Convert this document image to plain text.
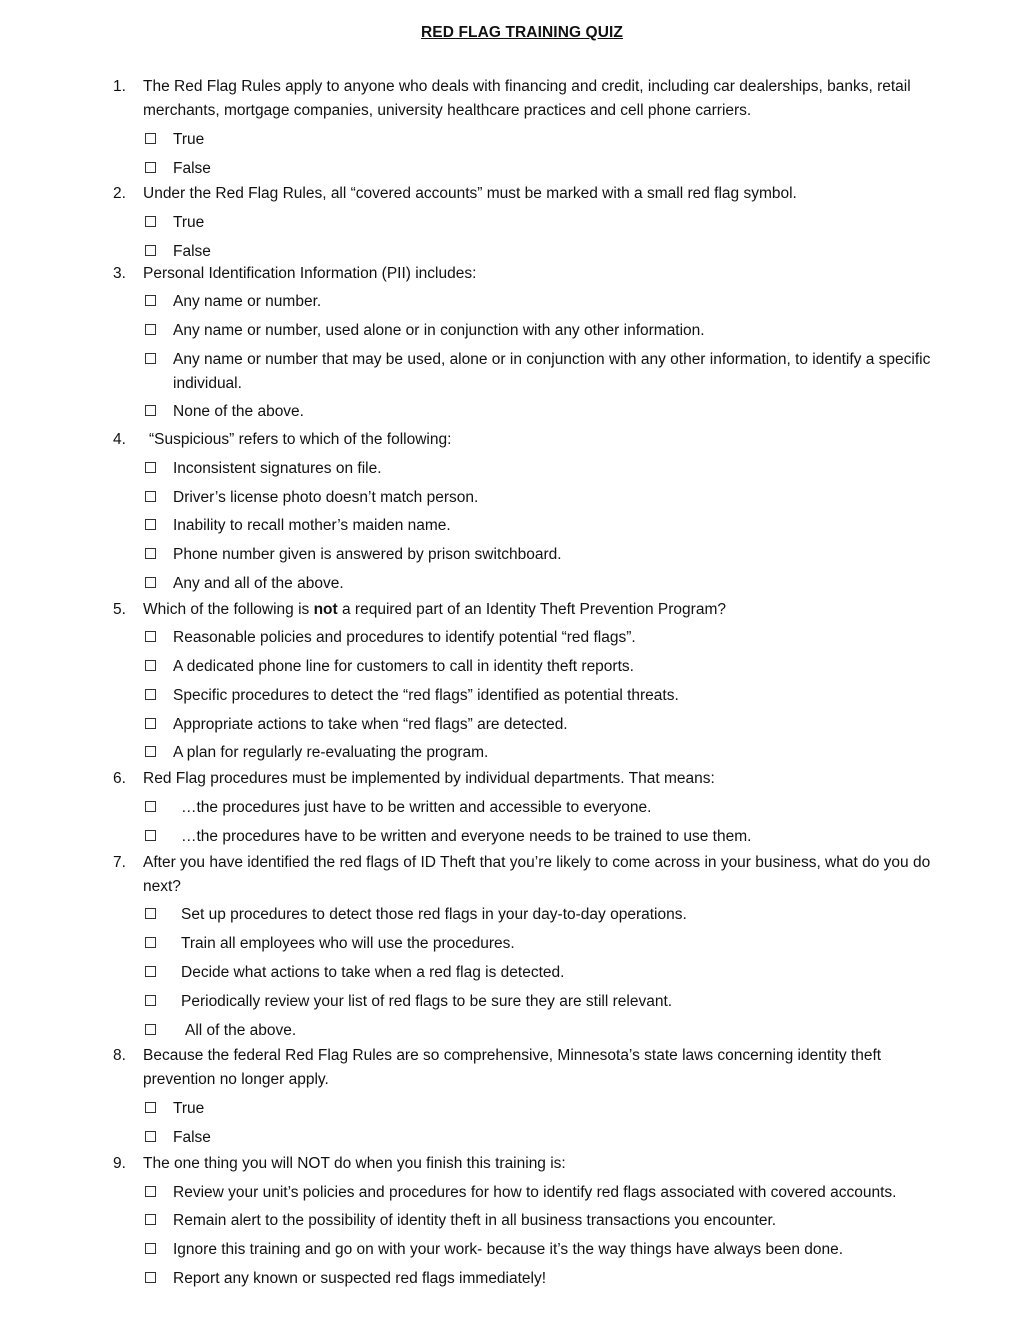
RED FLAG TRAINING QUIZ
1. The Red Flag Rules apply to anyone who deals with financing and credit, including car dealerships, banks, retail merchants, mortgage companies, university healthcare practices and cell phone carriers.
True
False
2. Under the Red Flag Rules, all “covered accounts” must be marked with a small red flag symbol.
True
False
3. Personal Identification Information (PII) includes:
Any name or number.
Any name or number, used alone or in conjunction with any other information.
Any name or number that may be used, alone or in conjunction with any other information, to identify a specific individual.
None of the above.
4. “Suspicious” refers to which of the following:
Inconsistent signatures on file.
Driver’s license photo doesn’t match person.
Inability to recall mother’s maiden name.
Phone number given is answered by prison switchboard.
Any and all of the above.
5. Which of the following is not a required part of an Identity Theft Prevention Program?
Reasonable policies and procedures to identify potential “red flags”.
A dedicated phone line for customers to call in identity theft reports.
Specific procedures to detect the “red flags” identified as potential threats.
Appropriate actions to take when “red flags” are detected.
A plan for regularly re-evaluating the program.
6. Red Flag procedures must be implemented by individual departments. That means:
…the procedures just have to be written and accessible to everyone.
…the procedures have to be written and everyone needs to be trained to use them.
7. After you have identified the red flags of ID Theft that you’re likely to come across in your business, what do you do next?
Set up procedures to detect those red flags in your day-to-day operations.
Train all employees who will use the procedures.
Decide what actions to take when a red flag is detected.
Periodically review your list of red flags to be sure they are still relevant.
All of the above.
8. Because the federal Red Flag Rules are so comprehensive, Minnesota’s state laws concerning identity theft prevention no longer apply.
True
False
9. The one thing you will NOT do when you finish this training is:
Review your unit’s policies and procedures for how to identify red flags associated with covered accounts.
Remain alert to the possibility of identity theft in all business transactions you encounter.
Ignore this training and go on with your work- because it’s the way things have always been done.
Report any known or suspected red flags immediately!
